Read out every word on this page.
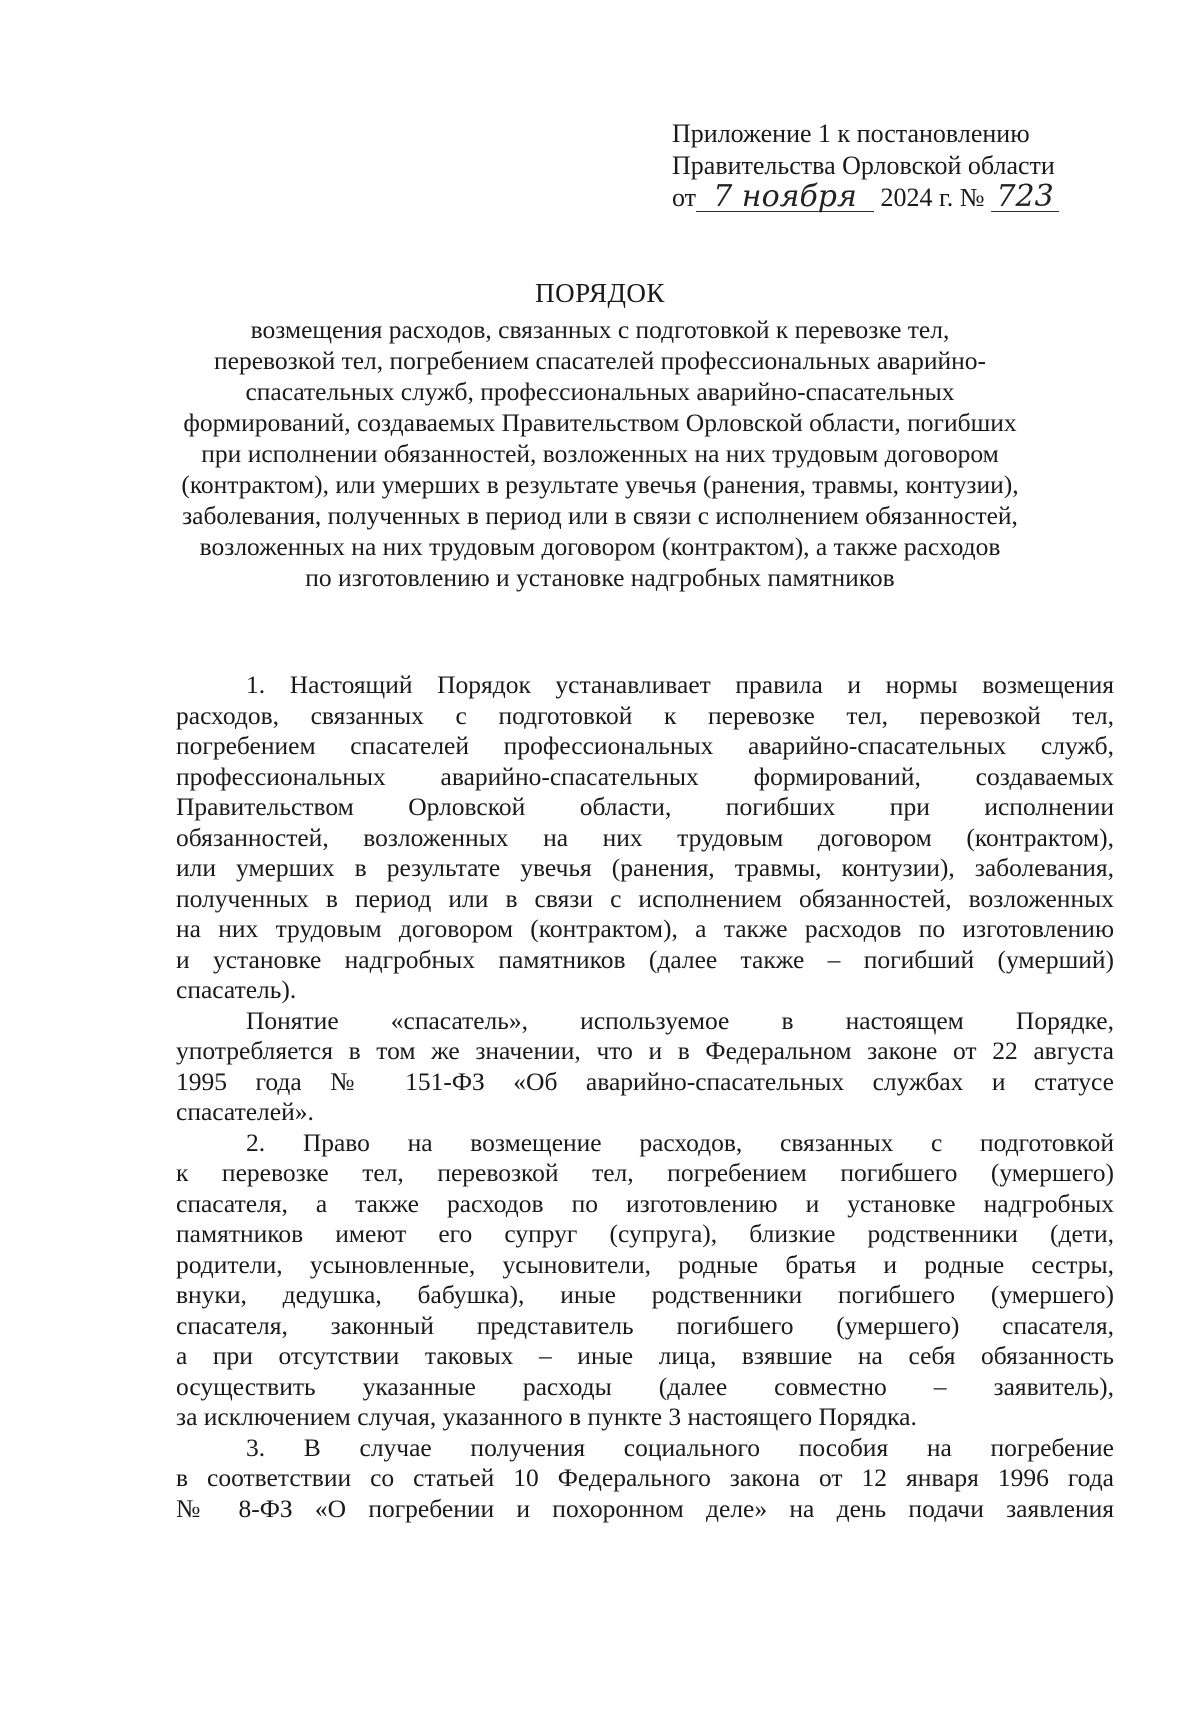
Приложение 1 к постановлению
Правительства Орловской области
от 7 ноября 2024 г. № 723
ПОРЯДОК
возмещения расходов, связанных с подготовкой к перевозке тел,
перевозкой тел, погребением спасателей профессиональных аварийно-
спасательных служб, профессиональных аварийно-спасательных
формирований, создаваемых Правительством Орловской области, погибших
при исполнении обязанностей, возложенных на них трудовым договором
(контрактом), или умерших в результате увечья (ранения, травмы, контузии),
заболевания, полученных в период или в связи с исполнением обязанностей,
возложенных на них трудовым договором (контрактом), а также расходов
по изготовлению и установке надгробных памятников
1. Настоящий Порядок устанавливает правила и нормы возмещения
расходов, связанных с подготовкой к перевозке тел, перевозкой тел,
погребением спасателей профессиональных аварийно-спасательных служб,
профессиональных аварийно-спасательных формирований, создаваемых
Правительством Орловской области, погибших при исполнении
обязанностей, возложенных на них трудовым договором (контрактом),
или умерших в результате увечья (ранения, травмы, контузии), заболевания,
полученных в период или в связи с исполнением обязанностей, возложенных
на них трудовым договором (контрактом), а также расходов по изготовлению
и установке надгробных памятников (далее также – погибший (умерший)
спасатель).
Понятие «спасатель», используемое в настоящем Порядке,
употребляется в том же значении, что и в Федеральном законе от 22 августа
1995 года № 151-ФЗ «Об аварийно-спасательных службах и статусе
спасателей».
2. Право на возмещение расходов, связанных с подготовкой
к перевозке тел, перевозкой тел, погребением погибшего (умершего)
спасателя, а также расходов по изготовлению и установке надгробных
памятников имеют его супруг (супруга), близкие родственники (дети,
родители, усыновленные, усыновители, родные братья и родные сестры,
внуки, дедушка, бабушка), иные родственники погибшего (умершего)
спасателя, законный представитель погибшего (умершего) спасателя,
а при отсутствии таковых – иные лица, взявшие на себя обязанность
осуществить указанные расходы (далее совместно – заявитель),
за исключением случая, указанного в пункте 3 настоящего Порядка.
3. В случае получения социального пособия на погребение
в соответствии со статьей 10 Федерального закона от 12 января 1996 года
№ 8-ФЗ «О погребении и похоронном деле» на день подачи заявления
